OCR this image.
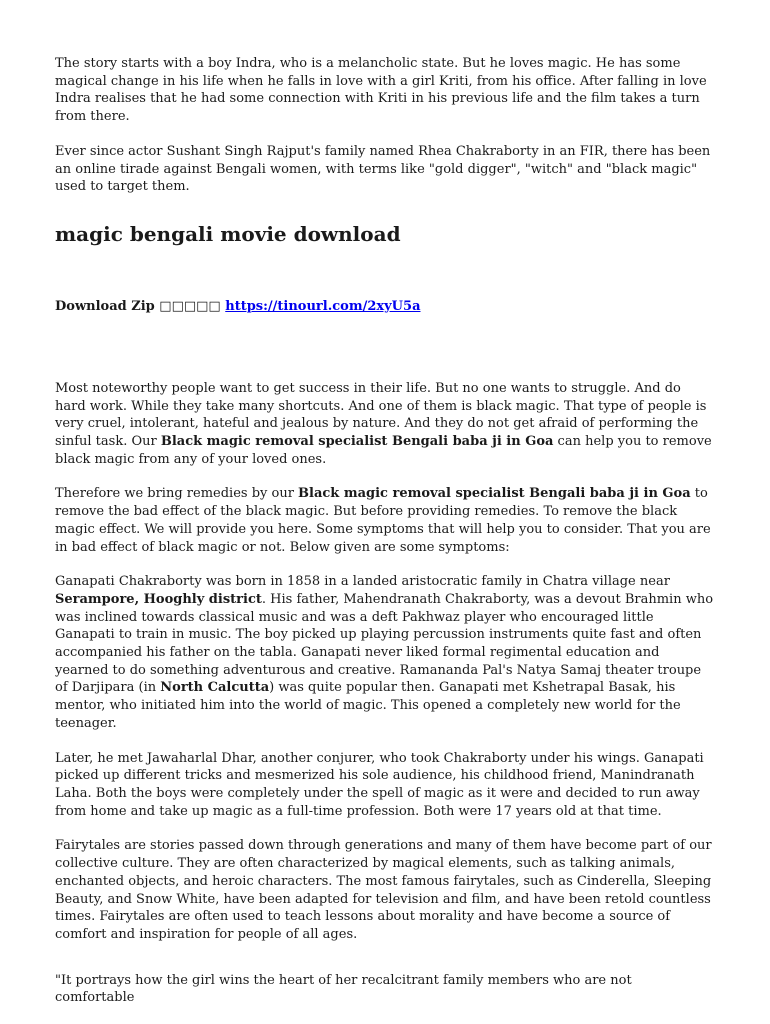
The story starts with a boy Indra, who is a melancholic state. But he loves magic. He has some magical change in his life when he falls in love with a girl Kriti, from his office. After falling in love Indra realises that he had some connection with Kriti in his previous life and the film takes a turn from there.

Ever since actor Sushant Singh Rajput's family named Rhea Chakraborty in an FIR, there has been an online tirade against Bengali women, with terms like "gold digger", "witch" and "black magic" used to target them.

magic bengali movie download
Download Zip □□□□□ https://tinourl.com/2xyU5a

Most noteworthy people want to get success in their life. But no one wants to struggle. And do hard work. While they take many shortcuts. And one of them is black magic. That type of people is very cruel, intolerant, hateful and jealous by nature. And they do not get afraid of performing the sinful task. Our Black magic removal specialist Bengali baba ji in Goa can help you to remove black magic from any of your loved ones.

Therefore we bring remedies by our Black magic removal specialist Bengali baba ji in Goa to remove the bad effect of the black magic. But before providing remedies. To remove the black magic effect. We will provide you here. Some symptoms that will help you to consider. That you are in bad effect of black magic or not. Below given are some symptoms:

Ganapati Chakraborty was born in 1858 in a landed aristocratic family in Chatra village near Serampore, Hooghly district. His father, Mahendranath Chakraborty, was a devout Brahmin who was inclined towards classical music and was a deft Pakhwaz player who encouraged little Ganapati to train in music. The boy picked up playing percussion instruments quite fast and often accompanied his father on the tabla. Ganapati never liked formal regimental education and yearned to do something adventurous and creative. Ramananda Pal's Natya Samaj theater troupe of Darjipara (in North Calcutta) was quite popular then. Ganapati met Kshetrapal Basak, his mentor, who initiated him into the world of magic. This opened a completely new world for the teenager.

Later, he met Jawaharlal Dhar, another conjurer, who took Chakraborty under his wings. Ganapati picked up different tricks and mesmerized his sole audience, his childhood friend, Manindranath Laha. Both the boys were completely under the spell of magic as it were and decided to run away from home and take up magic as a full-time profession. Both were 17 years old at that time.

Fairytales are stories passed down through generations and many of them have become part of our collective culture. They are often characterized by magical elements, such as talking animals, enchanted objects, and heroic characters. The most famous fairytales, such as Cinderella, Sleeping Beauty, and Snow White, have been adapted for television and film, and have been retold countless times. Fairytales are often used to teach lessons about morality and have become a source of comfort and inspiration for people of all ages.

"It portrays how the girl wins the heart of her recalcitrant family members who are not comfortable
